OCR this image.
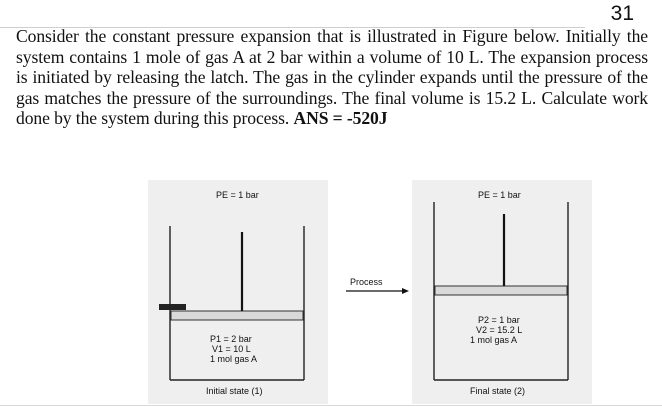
31
Consider the constant pressure expansion that is illustrated in Figure below. Initially the system contains 1 mole of gas A at 2 bar within a volume of 10 L. The expansion process is initiated by releasing the latch. The gas in the cylinder expands until the pressure of the gas matches the pressure of the surroundings. The final volume is 15.2 L. Calculate work done by the system during this process. ANS = -520J
PE = 1 bar
P1 = 2 bar
V1 = 10 L
1 mol gas A
Initial state (1)
Process
PE = 1 bar
P2 = 1 bar
V2 = 15.2 L
1 mol gas A
Final state (2)
